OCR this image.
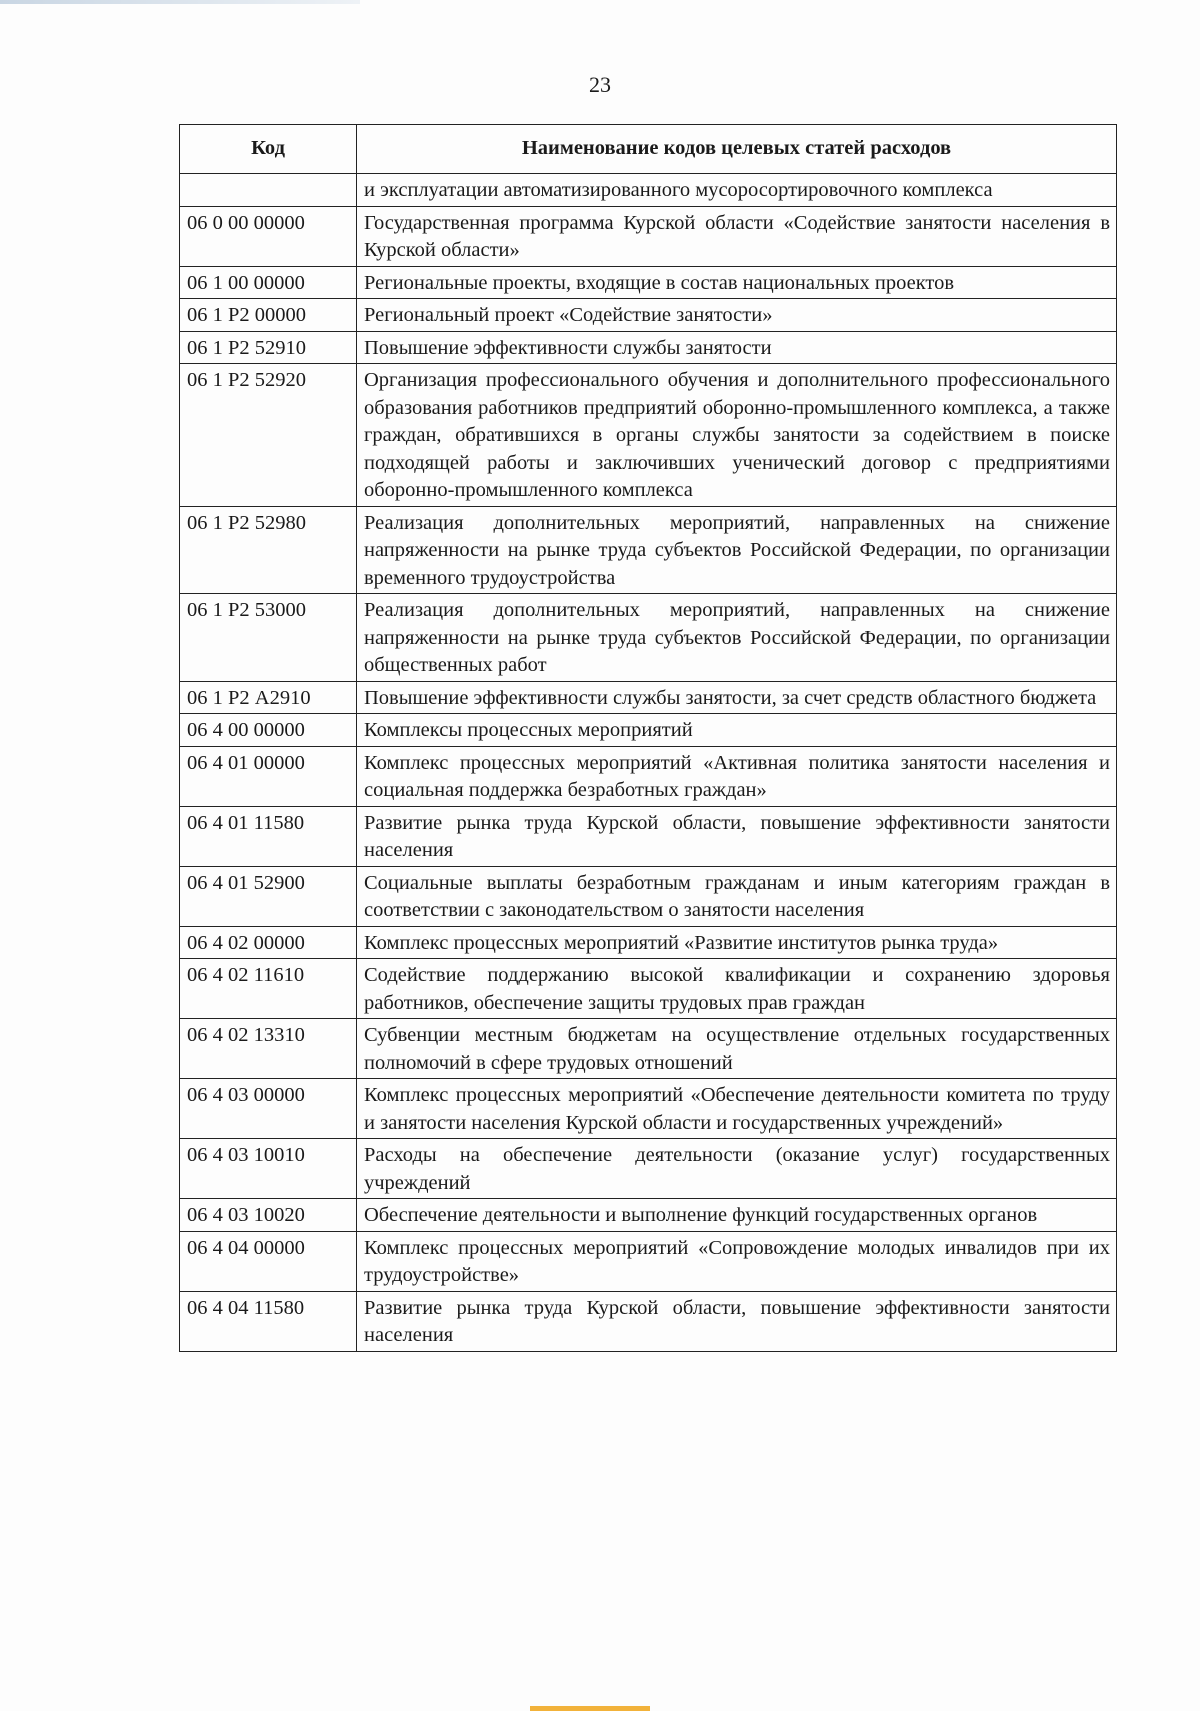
23
Код	Наименование кодов целевых статей расходов
	и эксплуатации автоматизированного мусоросортировочного комплекса
06 0 00 00000	Государственная программа Курской области «Содействие занятости населения в Курской области»
06 1 00 00000	Региональные проекты, входящие в состав национальных проектов
06 1 Р2 00000	Региональный проект «Содействие занятости»
06 1 Р2 52910	Повышение эффективности службы занятости
06 1 Р2 52920	Организация профессионального обучения и дополнительного профессионального образования работников предприятий оборонно-промышленного комплекса, а также граждан, обратившихся в органы службы занятости за содействием в поиске подходящей работы и заключивших ученический договор с предприятиями оборонно-промышленного комплекса
06 1 Р2 52980	Реализация дополнительных мероприятий, направленных на снижение напряженности на рынке труда субъектов Российской Федерации, по организации временного трудоустройства
06 1 Р2 53000	Реализация дополнительных мероприятий, направленных на снижение напряженности на рынке труда субъектов Российской Федерации, по организации общественных работ
06 1 Р2 А2910	Повышение эффективности службы занятости, за счет средств областного бюджета
06 4 00 00000	Комплексы процессных мероприятий
06 4 01 00000	Комплекс процессных мероприятий «Активная политика занятости населения и социальная поддержка безработных граждан»
06 4 01 11580	Развитие рынка труда Курской области, повышение эффективности занятости населения
06 4 01 52900	Социальные выплаты безработным гражданам и иным категориям граждан в соответствии с законодательством о занятости населения
06 4 02 00000	Комплекс процессных мероприятий «Развитие институтов рынка труда»
06 4 02 11610	Содействие поддержанию высокой квалификации и сохранению здоровья работников, обеспечение защиты трудовых прав граждан
06 4 02 13310	Субвенции местным бюджетам на осуществление отдельных государственных полномочий в сфере трудовых отношений
06 4 03 00000	Комплекс процессных мероприятий «Обеспечение деятельности комитета по труду и занятости населения Курской области и государственных учреждений»
06 4 03 10010	Расходы на обеспечение деятельности (оказание услуг) государственных учреждений
06 4 03 10020	Обеспечение деятельности и выполнение функций государственных органов
06 4 04 00000	Комплекс процессных мероприятий «Сопровождение молодых инвалидов при их трудоустройстве»
06 4 04 11580	Развитие рынка труда Курской области, повышение эффективности занятости населения
